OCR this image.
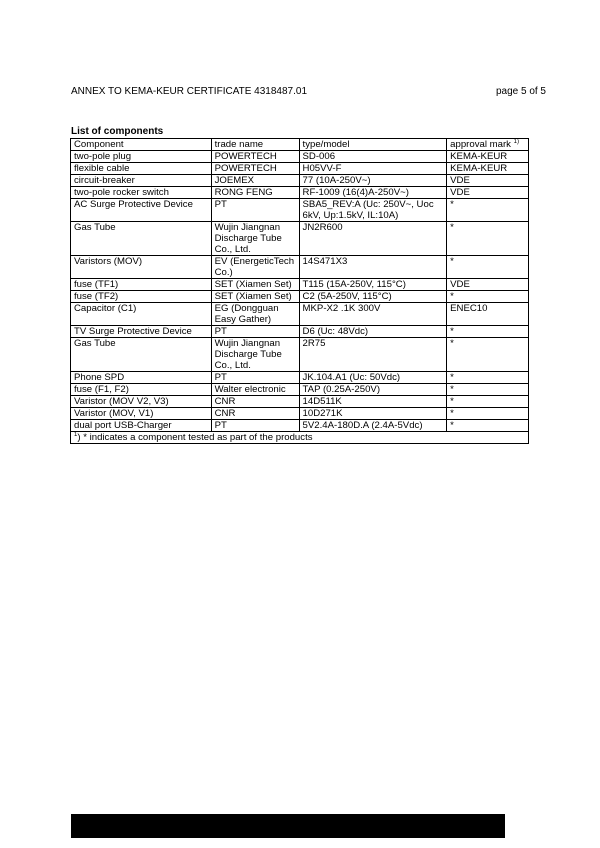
ANNEX TO KEMA-KEUR CERTIFICATE 4318487.01	page 5 of 5
List of components
Component	trade name	type/model	approval mark $^{1)}$
two-pole plug	POWERTECH	SD-006	KEMA-KEUR
flexible cable	POWERTECH	H05VV-F	KEMA-KEUR
circuit-breaker	JOEMEX	77 (10A-250V~)	VDE
two-pole rocker switch	RONG FENG	RF-1009 (16(4)A-250V~)	VDE
AC Surge Protective Device	PT	SBA5_REV:A (Uc: 250V~, Uoc 6kV, Up:1.5kV, IL:10A)	*
Gas Tube	Wujin Jiangnan Discharge Tube Co., Ltd.	JN2R600	*
Varistors (MOV)	EV (EnergeticTech Co.)	14S471X3	*
fuse (TF1)	SET (Xiamen Set)	T115 (15A-250V, 115°C)	VDE
fuse (TF2)	SET (Xiamen Set)	C2 (5A-250V, 115°C)	*
Capacitor (C1)	EG (Dongguan Easy Gather)	MKP-X2 .1K 300V	ENEC10
TV Surge Protective Device	PT	D6 (Uc: 48Vdc)	*
Gas Tube	Wujin Jiangnan Discharge Tube Co., Ltd.	2R75	*
Phone SPD	PT	JK.104.A1 (Uc: 50Vdc)	*
fuse (F1, F2)	Walter electronic	TAP (0.25A-250V)	*
Varistor (MOV V2, V3)	CNR	14D511K	*
Varistor (MOV, V1)	CNR	10D271K	*
dual port USB-Charger	PT	5V2.4A-180D.A (2.4A-5Vdc)	*
$^1$) * indicates a component tested as part of the products			
